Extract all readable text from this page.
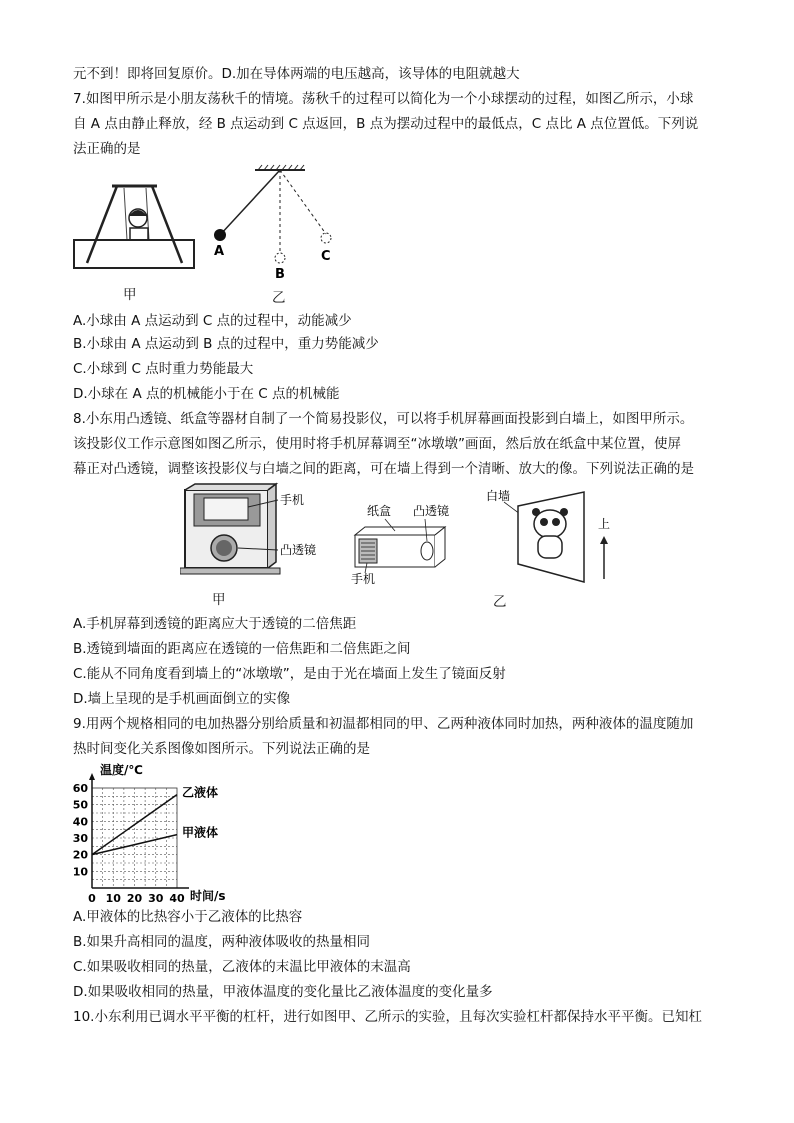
元不到！即将回复原价。D.加在导体两端的电压越高，该导体的电阻就越大
7.如图甲所示是小朋友荡秋千的情境。荡秋千的过程可以简化为一个小球摆动的过程，如图乙所示，小球
自 A 点由静止释放，经 B 点运动到 C 点返回，B 点为摆动过程中的最低点，C 点比 A 点位置低。下列说
法正确的是
甲
A
B
C
乙
A.小球由 A 点运动到 C 点的过程中，动能减少
B.小球由 A 点运动到 B 点的过程中，重力势能减少
C.小球到 C 点时重力势能最大
D.小球在 A 点的机械能小于在 C 点的机械能
8.小东用凸透镜、纸盒等器材自制了一个简易投影仪，可以将手机屏幕画面投影到白墙上，如图甲所示。
该投影仪工作示意图如图乙所示，使用时将手机屏幕调至“冰墩墩”画面，然后放在纸盒中某位置，使屏
幕正对凸透镜，调整该投影仪与白墙之间的距离，可在墙上得到一个清晰、放大的像。下列说法正确的是
手机
凸透镜
甲
纸盒 凸透镜
手机
白墙
上
乙
A.手机屏幕到透镜的距离应大于透镜的二倍焦距
B.透镜到墙面的距离应在透镜的一倍焦距和二倍焦距之间
C.能从不同角度看到墙上的“冰墩墩”，是由于光在墙面上发生了镜面反射
D.墙上呈现的是手机画面倒立的实像
9.用两个规格相同的电加热器分别给质量和初温都相同的甲、乙两种液体同时加热，两种液体的温度随加
热时间变化关系图像如图所示。下列说法正确的是
温度/℃
60
50
40
30
20
10
0 10 20 30 40
乙液体
甲液体
时间/s
A.甲液体的比热容小于乙液体的比热容
B.如果升高相同的温度，两种液体吸收的热量相同
C.如果吸收相同的热量，乙液体的末温比甲液体的末温高
D.如果吸收相同的热量，甲液体温度的变化量比乙液体温度的变化量多
10.小东利用已调水平平衡的杠杆，进行如图甲、乙所示的实验，且每次实验杠杆都保持水平平衡。已知杠
